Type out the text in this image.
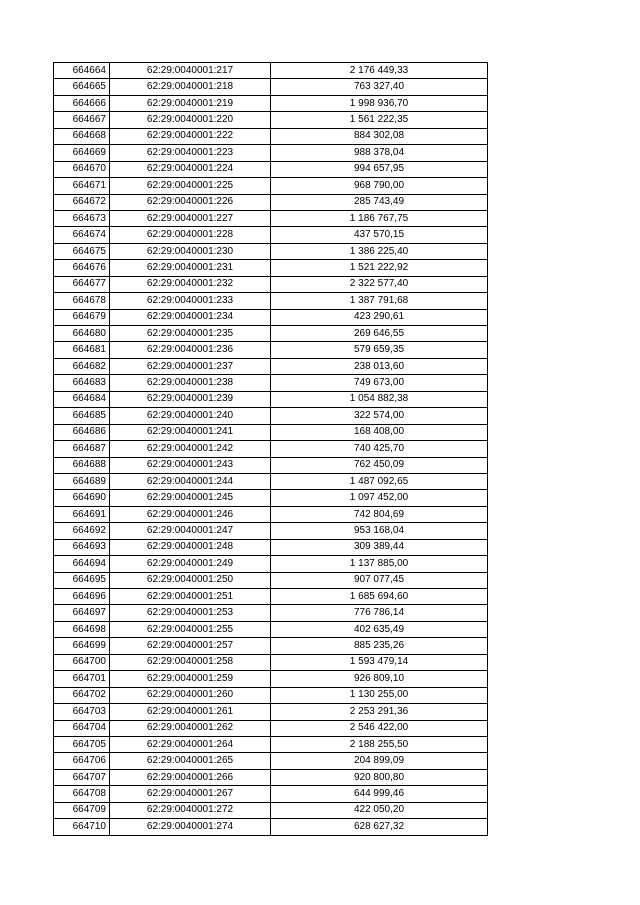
664664	62:29:0040001:217	2 176 449,33
664665	62:29:0040001:218	763 327,40
664666	62:29:0040001:219	1 998 936,70
664667	62:29:0040001:220	1 561 222,35
664668	62:29:0040001:222	884 302,08
664669	62:29:0040001:223	988 378,04
664670	62:29:0040001:224	994 657,95
664671	62:29:0040001:225	968 790,00
664672	62:29:0040001:226	285 743,49
664673	62:29:0040001:227	1 186 767,75
664674	62:29:0040001:228	437 570,15
664675	62:29:0040001:230	1 386 225,40
664676	62:29:0040001:231	1 521 222,92
664677	62:29:0040001:232	2 322 577,40
664678	62:29:0040001:233	1 387 791,68
664679	62:29:0040001:234	423 290,61
664680	62:29:0040001:235	269 646,55
664681	62:29:0040001:236	579 659,35
664682	62:29:0040001:237	238 013,60
664683	62:29:0040001:238	749 673,00
664684	62:29:0040001:239	1 054 882,38
664685	62:29:0040001:240	322 574,00
664686	62:29:0040001:241	168 408,00
664687	62:29:0040001:242	740 425,70
664688	62:29:0040001:243	762 450,09
664689	62:29:0040001:244	1 487 092,65
664690	62:29:0040001:245	1 097 452,00
664691	62:29:0040001:246	742 804,69
664692	62:29:0040001:247	953 168,04
664693	62:29:0040001:248	309 389,44
664694	62:29:0040001:249	1 137 885,00
664695	62:29:0040001:250	907 077,45
664696	62:29:0040001:251	1 685 694,60
664697	62:29:0040001:253	776 786,14
664698	62:29:0040001:255	402 635,49
664699	62:29:0040001:257	885 235,26
664700	62:29:0040001:258	1 593 479,14
664701	62:29:0040001:259	926 809,10
664702	62:29:0040001:260	1 130 255,00
664703	62:29:0040001:261	2 253 291,36
664704	62:29:0040001:262	2 546 422,00
664705	62:29:0040001:264	2 188 255,50
664706	62:29:0040001:265	204 899,09
664707	62:29:0040001:266	920 800,80
664708	62:29:0040001:267	644 999,46
664709	62:29:0040001:272	422 050,20
664710	62:29:0040001:274	628 627,32
